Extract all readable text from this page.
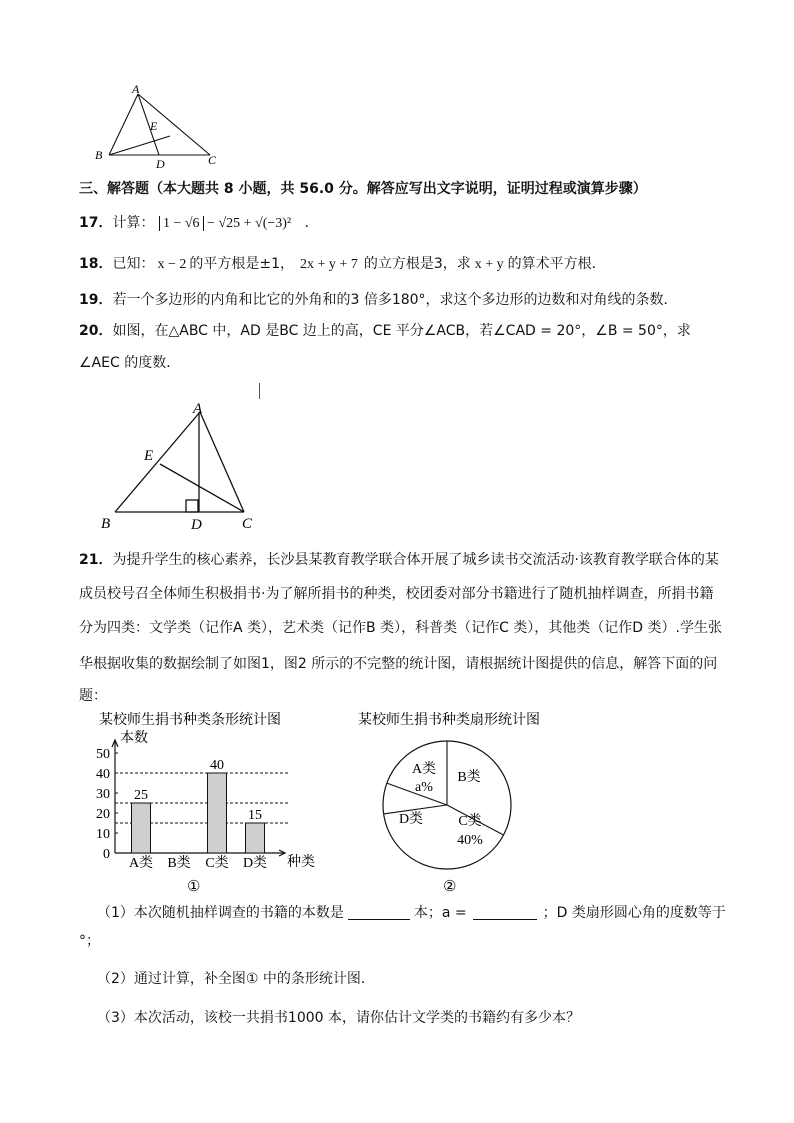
A
B	C
D
E
三、解答题（本大题共 8 小题，共 56.0 分。解答应写出文字说明，证明过程或演算步骤）
17．计算： 1 − √6 − √25 + √(−3)² ．
18．已知： x − 2 的平方根是±1， 2x + y + 7 的立方根是3，求 x + y 的算术平方根．
19．若一个多边形的内角和比它的外角和的3 倍多180°，求这个多边形的边数和对角线的条数．
20．如图，在△ABC 中，AD 是BC 边上的高，CE 平分∠ACB，若∠CAD = 20°，∠B = 50°，求
∠AEC 的度数．
A
B	C
D
E
21．为提升学生的核心素养，长沙县某教育教学联合体开展了城乡读书交流活动·该教育教学联合体的某
成员校号召全体师生积极捐书·为了解所捐书的种类，校团委对部分书籍进行了随机抽样调查，所捐书籍
分为四类：文学类（记作A 类），艺术类（记作B 类），科普类（记作C 类），其他类（记作D 类）.学生张
华根据收集的数据绘制了如图1，图2 所示的不完整的统计图，请根据统计图提供的信息，解答下面的问
题：
某校师生捐书种类条形统计图
0
10
20
30
40
50
本数
种类
25
A类 B类
40
C类
15
D类
①
某校师生捐书种类扇形统计图
A类
a%
B类
C类
40%
D类
②
（1）本次随机抽样调查的书籍的本数是	本；a =	；D 类扇形圆心角的度数等于
°；
（2）通过计算，补全图① 中的条形统计图．
（3）本次活动，该校一共捐书1000 本，请你估计文学类的书籍约有多少本？
